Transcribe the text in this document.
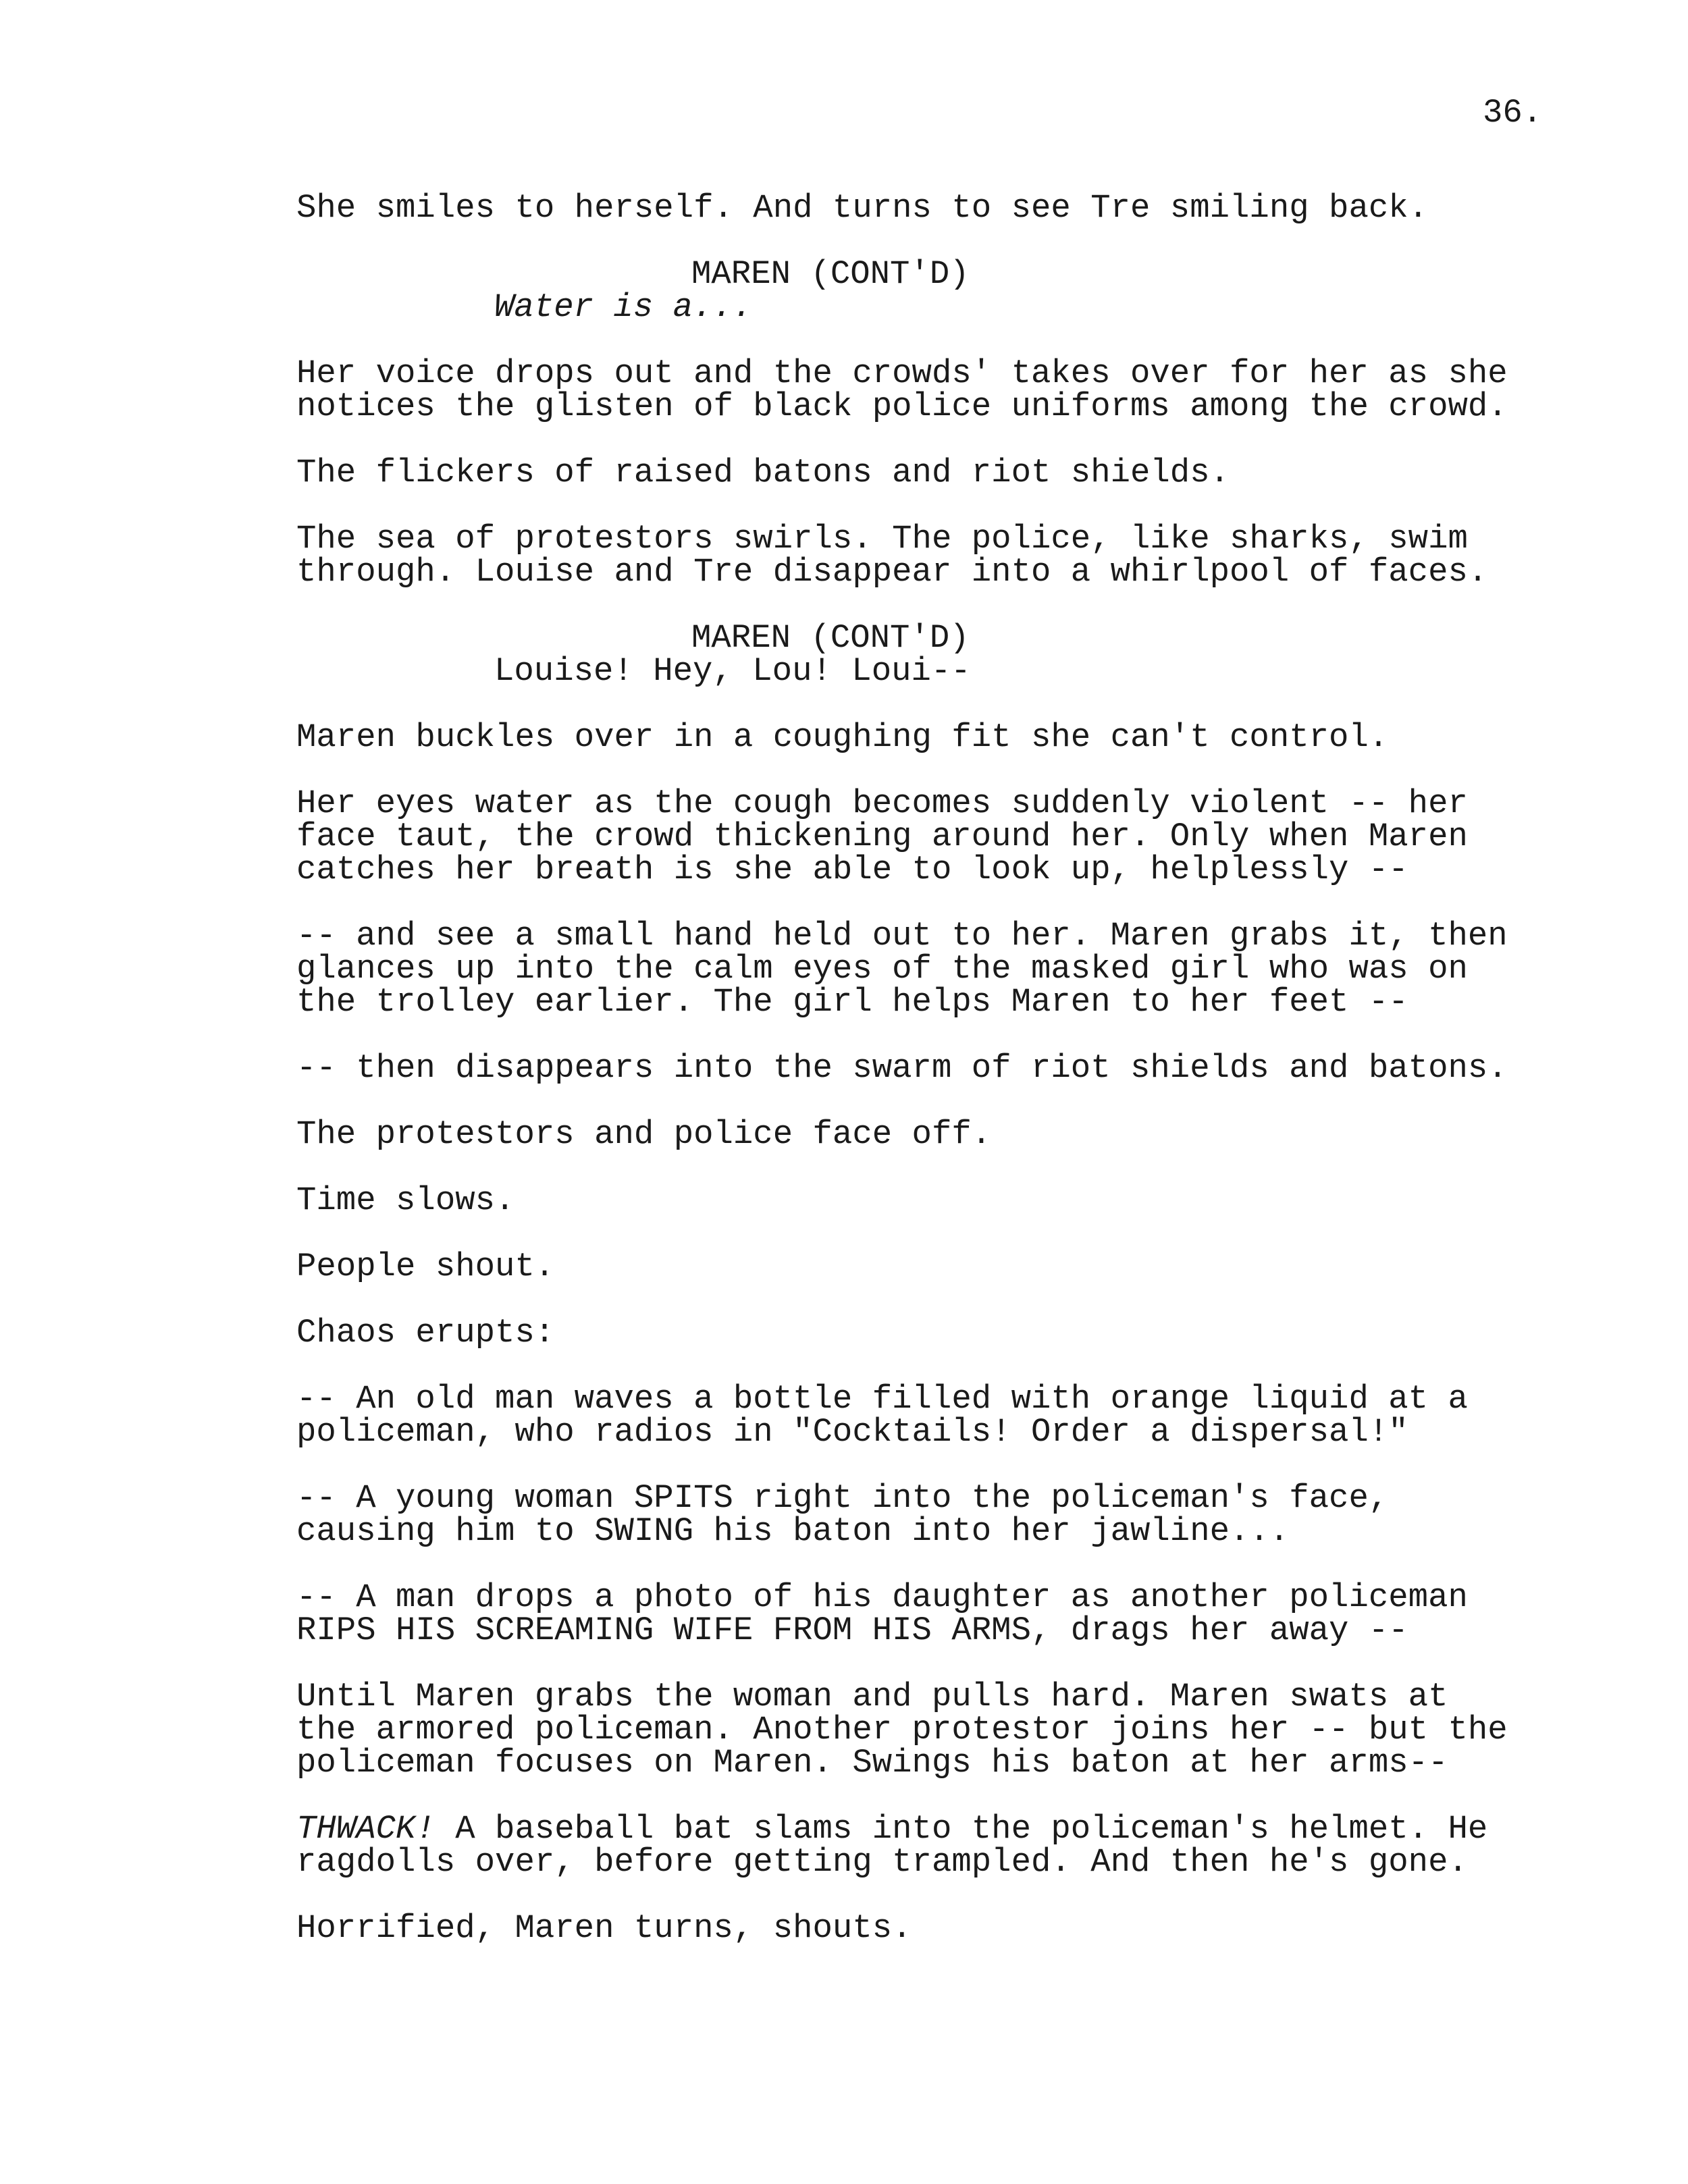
36.
She smiles to herself. And turns to see Tre smiling back.
MAREN (CONT'D)
Water is a...
Her voice drops out and the crowds' takes over for her as she
notices the glisten of black police uniforms among the crowd.
The flickers of raised batons and riot shields.
The sea of protestors swirls. The police, like sharks, swim
through. Louise and Tre disappear into a whirlpool of faces.
MAREN (CONT'D)
Louise! Hey, Lou! Loui--
Maren buckles over in a coughing fit she can't control.
Her eyes water as the cough becomes suddenly violent -- her
face taut, the crowd thickening around her. Only when Maren
catches her breath is she able to look up, helplessly --
-- and see a small hand held out to her. Maren grabs it, then
glances up into the calm eyes of the masked girl who was on
the trolley earlier. The girl helps Maren to her feet --
-- then disappears into the swarm of riot shields and batons.
The protestors and police face off.
Time slows.
People shout.
Chaos erupts:
-- An old man waves a bottle filled with orange liquid at a
policeman, who radios in "Cocktails! Order a dispersal!"
-- A young woman SPITS right into the policeman's face,
causing him to SWING his baton into her jawline...
-- A man drops a photo of his daughter as another policeman
RIPS HIS SCREAMING WIFE FROM HIS ARMS, drags her away --
Until Maren grabs the woman and pulls hard. Maren swats at
the armored policeman. Another protestor joins her -- but the
policeman focuses on Maren. Swings his baton at her arms--
THWACK! A baseball bat slams into the policeman's helmet. He
ragdolls over, before getting trampled. And then he's gone.
Horrified, Maren turns, shouts.
